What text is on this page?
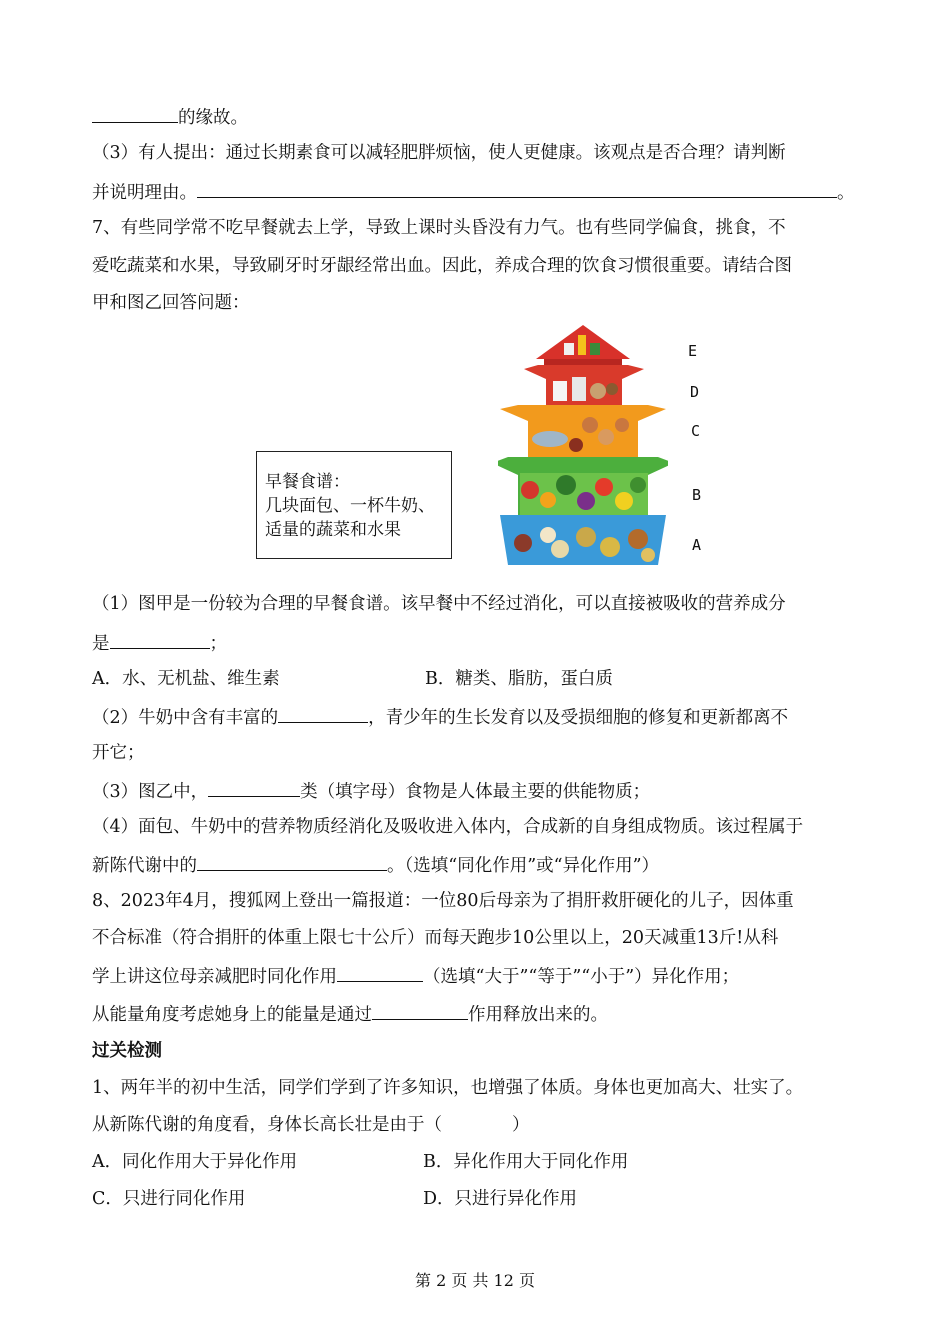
的缘故。
（3）有人提出：通过长期素食可以减轻肥胖烦恼，使人更健康。该观点是否合理？请判断
并说明理由。	。
7、有些同学常不吃早餐就去上学，导致上课时头昏没有力气。也有些同学偏食，挑食，不
爱吃蔬菜和水果，导致刷牙时牙龈经常出血。因此，养成合理的饮食习惯很重要。请结合图
甲和图乙回答问题：
早餐食谱：
几块面包、一杯牛奶、
适量的蔬菜和水果
E
D
C
B
A
（1）图甲是一份较为合理的早餐食谱。该早餐中不经过消化，可以直接被吸收的营养成分
是	；
A．水、无机盐、维生素	B．糖类、脂肪，蛋白质
（2）牛奶中含有丰富的	，青少年的生长发育以及受损细胞的修复和更新都离不
开它；
（3）图乙中，	类（填字母）食物是人体最主要的供能物质；
（4）面包、牛奶中的营养物质经消化及吸收进入体内，合成新的自身组成物质。该过程属于
新陈代谢中的	。（选填“同化作用”或“异化作用”）
8、2023年4月，搜狐网上登出一篇报道：一位80后母亲为了捐肝救肝硬化的儿子，因体重
不合标准（符合捐肝的体重上限七十公斤）而每天跑步10公里以上，20天减重13斤!从科
学上讲这位母亲减肥时同化作用	（选填“大于”“等于”“小于”）异化作用；
从能量角度考虑她身上的能量是通过	作用释放出来的。
过关检测
1、两年半的初中生活，同学们学到了许多知识，也增强了体质。身体也更加高大、壮实了。
从新陈代谢的角度看，身体长高长壮是由于（　　　　）
A．同化作用大于异化作用	B．异化作用大于同化作用
C．只进行同化作用	D．只进行异化作用
第 2 页 共 12 页
